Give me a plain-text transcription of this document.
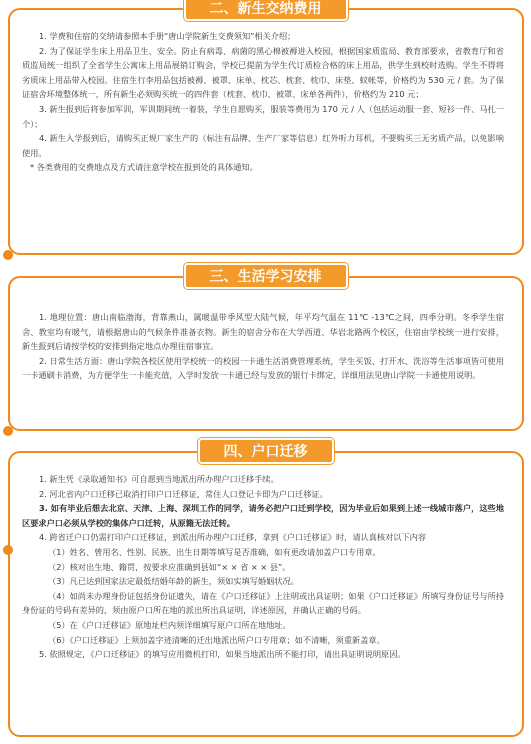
二、新生交纳费用

1. 学费和住宿的交纳请参照本手册“唐山学院新生交费须知”相关介绍；

2. 为了保证学生床上用品卫生、安全。防止有病毒、病菌的黑心棉被褥进入校园，根据国家质监局、教育部要求，省教育厅和省质监局统一组织了全省学生公寓床上用品展销订购会，学校已提前为学生代订质检合格的床上用品，供学生到校时选购。学生不得将劣质床上用品带入校园。住宿生行李用品包括被褥、被罩、床单、枕芯、枕套、枕巾、床垫、蚊帐等，价格约为 530 元 / 套。为了保证宿舍环境整体统一，所有新生必须购买统一的四件套（枕套、枕巾、被罩、床单各两件），价格约为 210 元；

3. 新生报到后将参加军训，军训期间统一着装，学生自愿购买，服装等费用为 170 元 / 人（包括运动服一套、短衫一件、马扎一个）；

4. 新生入学报到后，请购买正规厂家生产的（标注有品牌、生产厂家等信息）红外听力耳机，不要购买三无劣质产品，以免影响使用。

* 各类费用的交费地点及方式请注意学校在报到处的具体通知。

三、生活学习安排

1. 地理位置：唐山南临渤海，背靠燕山，属暖温带季风型大陆气候，年平均气温在 11℃ -13℃之间，四季分明。冬季学生宿舍、教室均有暖气，请根据唐山的气候条件准备衣物。新生的宿舍分布在大学西道、华岩北路两个校区，住宿由学校统一进行安排，新生报到后请按学校的安排到指定地点办理住宿事宜。

2. 日常生活方面：唐山学院各校区使用学校统一的校园一卡通生活消费管理系统，学生买饭、打开水、洗浴等生活事项皆可使用一卡通刷卡消费，为方便学生一卡能充值，入学时发放一卡通已经与发放的银行卡绑定，详细用法见唐山学院一卡通使用说明。

四、户口迁移

1. 新生凭《录取通知书》可自愿到当地派出所办理户口迁移手续。

2. 河北省内户口迁移已取消打印户口迁移证，常住人口登记卡即为户口迁移证。

3. 如有毕业后想去北京、天津、上海、深圳工作的同学，请务必把户口迁到学校，因为毕业后如果到上述一线城市落户，这些地区要求户口必须从学校的集体户口迁转，从原籍无法迁转。

4. 跨省迁户口仍需打印户口迁移证，到派出所办理户口迁移，拿到《户口迁移证》时，请认真核对以下内容

（1）姓名、曾用名、性别、民族、出生日期等填写是否准确，如有更改请加盖户口专用章。

（2）核对出生地、籍贯，按要求应准确到县如“× × 省 × × 县”。

（3）凡已达到国家法定最低结婚年龄的新生，须如实填写婚姻状况。

（4）如尚未办理身份证包括身份证遗失，请在《户口迁移证》上注明或出具证明；如果《户口迁移证》所填写身份证号与所持身份证的号码有差异的，须由原户口所在地的派出所出具证明，详述原因，并确认正确的号码。

（5）在《户口迁移证》原地址栏内须详细填写原户口所在地地址。

（6）《户口迁移证》上须加盖字迹清晰的迁出地派出所户口专用章；如不清晰，须重新盖章。

5. 依照规定，《户口迁移证》的填写应用微机打印，如果当地派出所不能打印，请出具证明说明原因。
